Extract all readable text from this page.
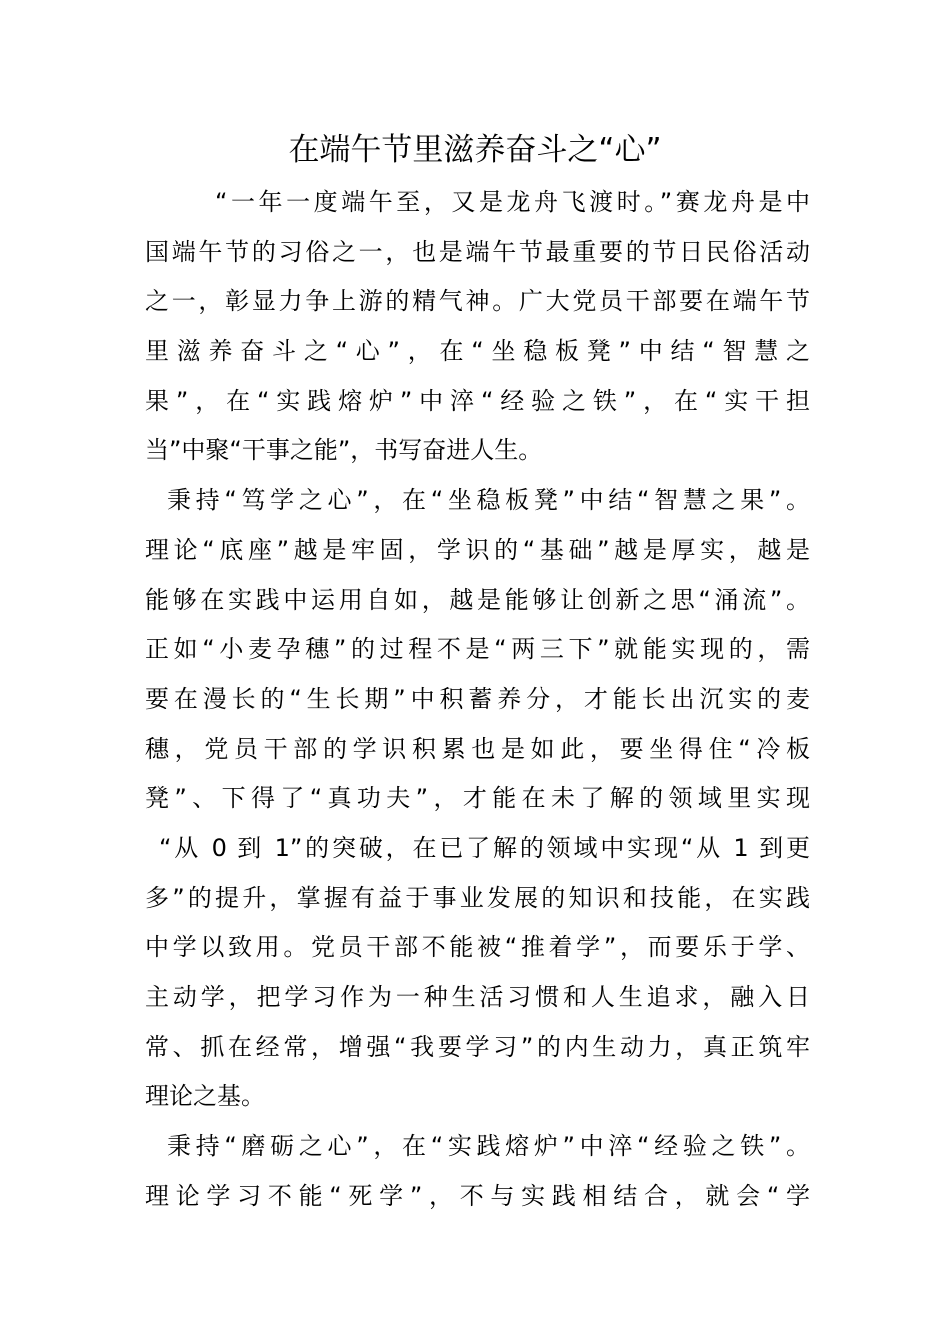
在端午节里滋养奋斗之“心”
“一年一度端午至，又是龙舟飞渡时。”赛龙舟是中
国端午节的习俗之一，也是端午节最重要的节日民俗活动
之一，彰显力争上游的精气神。广大党员干部要在端午节
里滋养奋斗之“心”，在“坐稳板凳”中结“智慧之
果”，在“实践熔炉”中淬“经验之铁”，在“实干担
当”中聚“干事之能”，书写奋进人生。
秉持“笃学之心”，在“坐稳板凳”中结“智慧之果”。
理论“底座”越是牢固，学识的“基础”越是厚实，越是
能够在实践中运用自如，越是能够让创新之思“涌流”。
正如“小麦孕穗”的过程不是“两三下”就能实现的，需
要在漫长的“生长期”中积蓄养分，才能长出沉实的麦
穗，党员干部的学识积累也是如此，要坐得住“冷板
凳”、下得了“真功夫”，才能在未了解的领域里实现
“从 0 到 1”的突破，在已了解的领域中实现“从 1 到更
多”的提升，掌握有益于事业发展的知识和技能，在实践
中学以致用。党员干部不能被“推着学”，而要乐于学、
主动学，把学习作为一种生活习惯和人生追求，融入日
常、抓在经常，增强“我要学习”的内生动力，真正筑牢
理论之基。
秉持“磨砺之心”，在“实践熔炉”中淬“经验之铁”。
理论学习不能“死学”，不与实践相结合，就会“学
